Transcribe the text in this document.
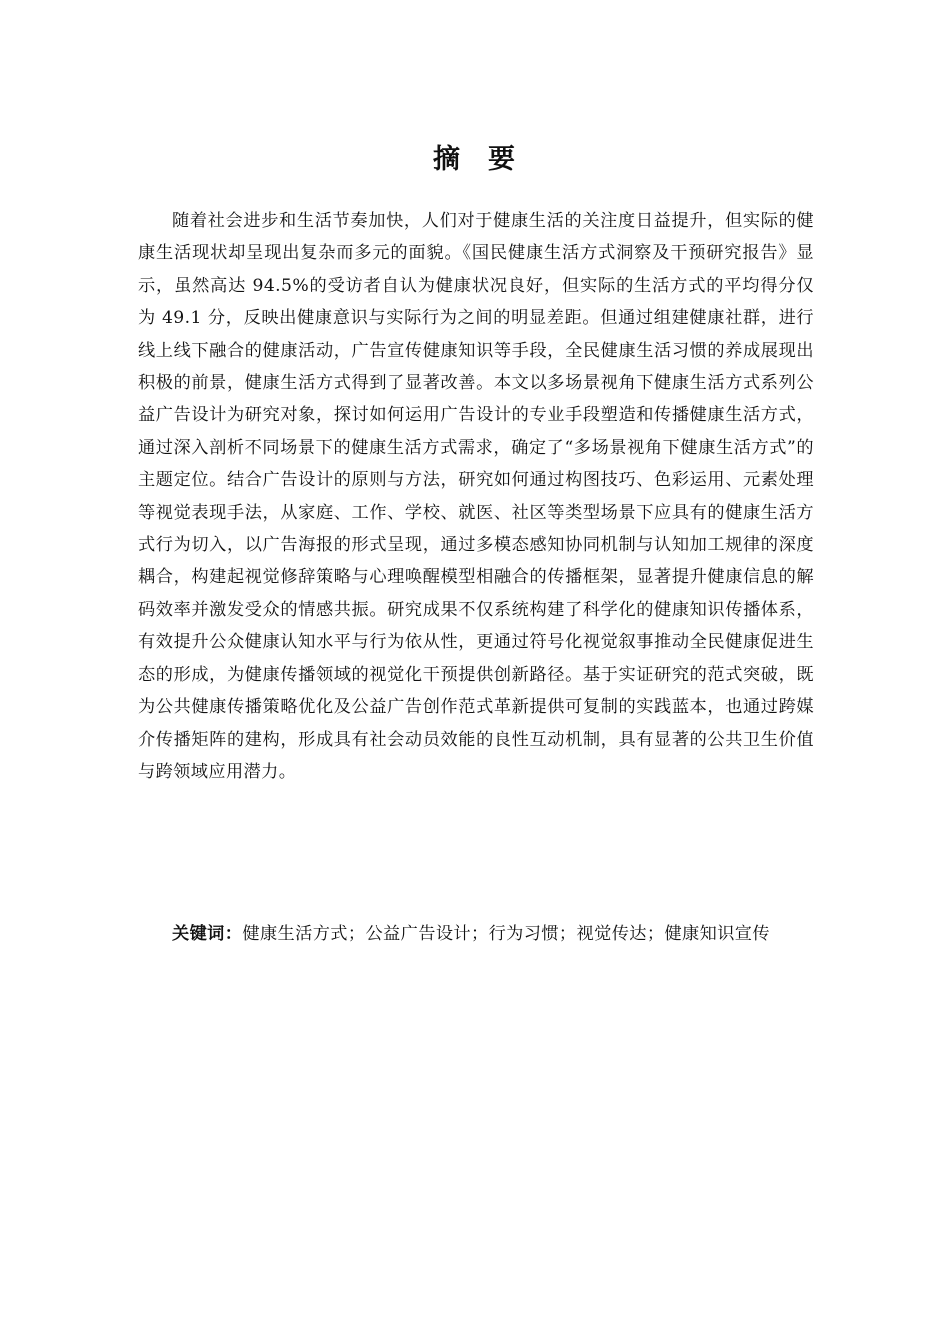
摘 要

随着社会进步和生活节奏加快，人们对于健康生活的关注度日益提升，但实际的健康生活现状却呈现出复杂而多元的面貌。《国民健康生活方式洞察及干预研究报告》显示，虽然高达 94.5%的受访者自认为健康状况良好，但实际的生活方式的平均得分仅为 49.1 分，反映出健康意识与实际行为之间的明显差距。但通过组建健康社群，进行线上线下融合的健康活动，广告宣传健康知识等手段，全民健康生活习惯的养成展现出积极的前景，健康生活方式得到了显著改善。本文以多场景视角下健康生活方式系列公益广告设计为研究对象，探讨如何运用广告设计的专业手段塑造和传播健康生活方式，通过深入剖析不同场景下的健康生活方式需求，确定了“多场景视角下健康生活方式”的主题定位。结合广告设计的原则与方法，研究如何通过构图技巧、色彩运用、元素处理等视觉表现手法，从家庭、工作、学校、就医、社区等类型场景下应具有的健康生活方式行为切入，以广告海报的形式呈现，通过多模态感知协同机制与认知加工规律的深度耦合，构建起视觉修辞策略与心理唤醒模型相融合的传播框架，显著提升健康信息的解码效率并激发受众的情感共振。研究成果不仅系统构建了科学化的健康知识传播体系，有效提升公众健康认知水平与行为依从性，更通过符号化视觉叙事推动全民健康促进生态的形成，为健康传播领域的视觉化干预提供创新路径。基于实证研究的范式突破，既为公共健康传播策略优化及公益广告创作范式革新提供可复制的实践蓝本，也通过跨媒介传播矩阵的建构，形成具有社会动员效能的良性互动机制，具有显著的公共卫生价值与跨领域应用潜力。

关键词：健康生活方式；公益广告设计；行为习惯；视觉传达；健康知识宣传
